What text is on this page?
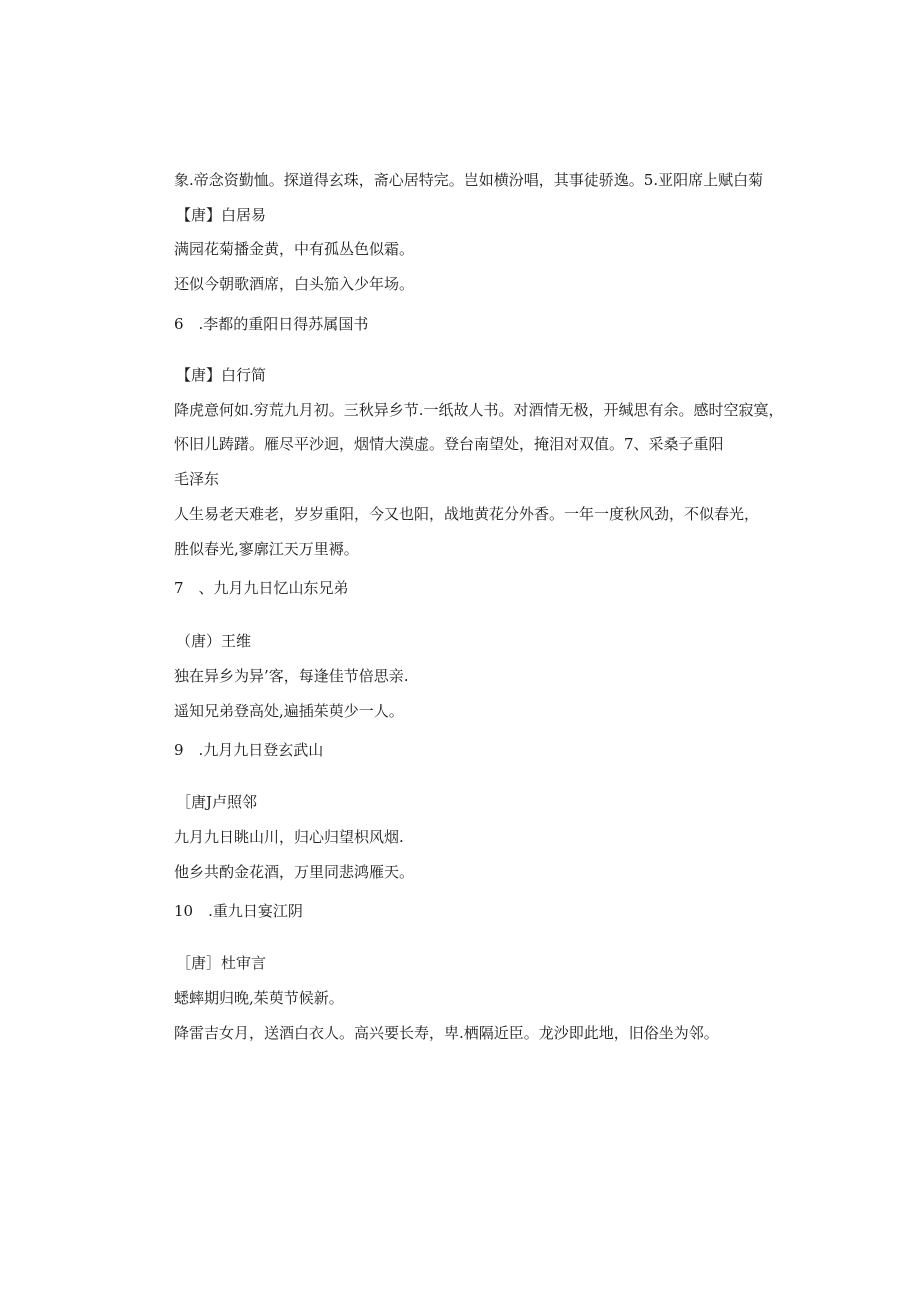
象.帝念资勤恤。探道得玄珠，斋心居特完。岂如横汾唱，其事徒骄逸。5.亚阳席上赋白菊
【唐】白居易
满园花菊播金黄，中有孤丛色似霜。
还似今朝歌酒席，白头笳入少年场。
6　.李都的重阳日得苏属国书
【唐】白行简
降虎意何如.穷荒九月初。三秋异乡节.一纸故人书。对酒情无极，开缄思有余。感时空寂寞，
怀旧儿踌躇。雁尽平沙迥，烟情大漠虚。登台南望处，掩泪对双值。7、采桑子重阳
毛泽东
人生易老天难老，岁岁重阳，今又也阳，战地黄花分外香。一年一度秋风劲，不似春光，
胜似春光,寥廓江天万里褥。
7　、九月九日忆山东兄弟
（唐）王维
独在异乡为异’客，每逢佳节倍思亲.
遥知兄弟登高处,遍插茱萸少一人。
9　.九月九日登玄武山
［唐J卢照邻
九月九日眺山川，归心归望枳风烟.
他乡共酌金花酒，万里同悲鸿雁天。
10　.重九日宴江阴
［唐］杜审言
蟋蟀期归晚,茱萸节候新。
降雷吉女月，送酒白衣人。高兴要长寿，卑.栖隔近臣。龙沙即此地，旧俗坐为邻。
